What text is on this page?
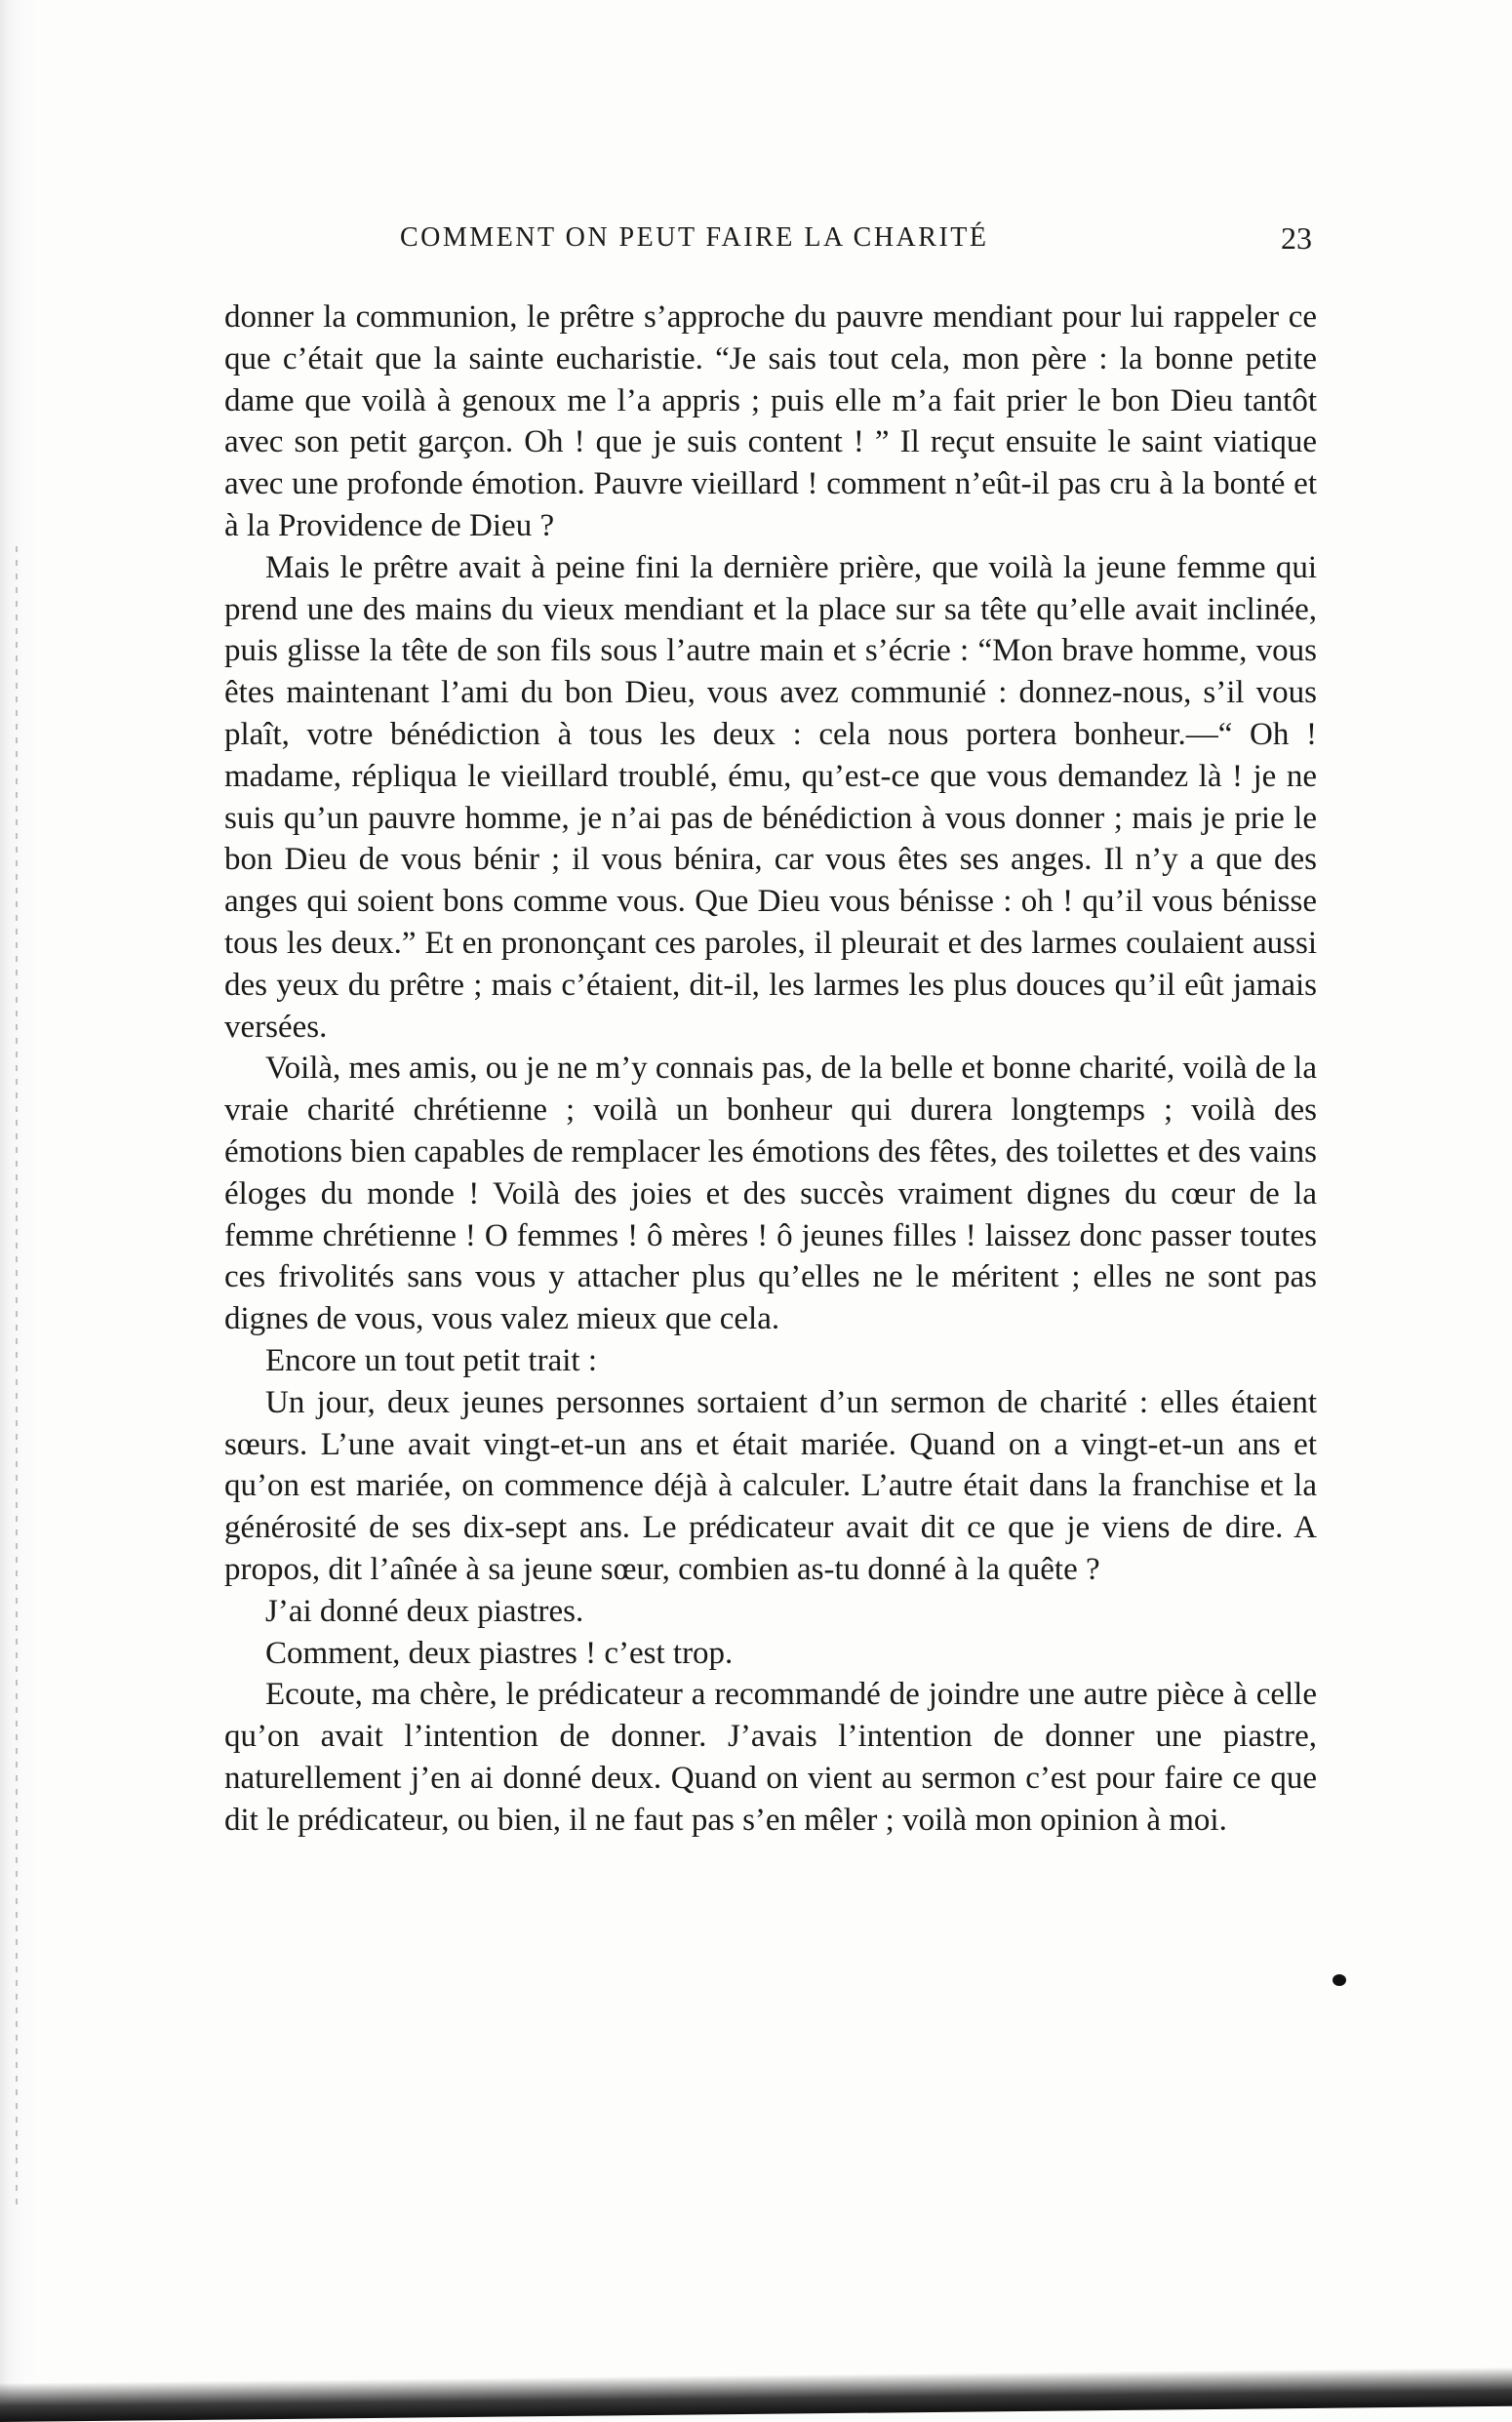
COMMENT ON PEUT FAIRE LA CHARITÉ	23

donner la communion, le prêtre s’approche du pauvre mendiant pour lui rappeler ce que c’était que la sainte eucharistie. “Je sais tout cela, mon père : la bonne petite dame que voilà à genoux me l’a appris ; puis elle m’a fait prier le bon Dieu tantôt avec son petit garçon. Oh ! que je suis content ! ” Il reçut ensuite le saint viatique avec une profonde émotion. Pauvre vieillard ! comment n’eût-il pas cru à la bonté et à la Providence de Dieu ?

Mais le prêtre avait à peine fini la dernière prière, que voilà la jeune femme qui prend une des mains du vieux mendiant et la place sur sa tête qu’elle avait inclinée, puis glisse la tête de son fils sous l’autre main et s’écrie : “Mon brave homme, vous êtes maintenant l’ami du bon Dieu, vous avez communié : donnez-nous, s’il vous plaît, votre bénédiction à tous les deux : cela nous portera bonheur.—“ Oh ! madame, répliqua le vieillard troublé, ému, qu’est-ce que vous demandez là ! je ne suis qu’un pauvre homme, je n’ai pas de bénédiction à vous donner ; mais je prie le bon Dieu de vous bénir ; il vous bénira, car vous êtes ses anges. Il n’y a que des anges qui soient bons comme vous. Que Dieu vous bénisse : oh ! qu’il vous bénisse tous les deux.” Et en prononçant ces paroles, il pleurait et des larmes coulaient aussi des yeux du prêtre ; mais c’étaient, dit-il, les larmes les plus douces qu’il eût jamais versées.

Voilà, mes amis, ou je ne m’y connais pas, de la belle et bonne charité, voilà de la vraie charité chrétienne ; voilà un bonheur qui durera longtemps ; voilà des émotions bien capables de remplacer les émotions des fêtes, des toilettes et des vains éloges du monde ! Voilà des joies et des succès vraiment dignes du cœur de la femme chrétienne ! O femmes ! ô mères ! ô jeunes filles ! laissez donc passer toutes ces frivolités sans vous y attacher plus qu’elles ne le méritent ; elles ne sont pas dignes de vous, vous valez mieux que cela.

Encore un tout petit trait :

Un jour, deux jeunes personnes sortaient d’un sermon de charité : elles étaient sœurs. L’une avait vingt-et-un ans et était mariée. Quand on a vingt-et-un ans et qu’on est mariée, on commence déjà à calculer. L’autre était dans la franchise et la générosité de ses dix-sept ans. Le prédicateur avait dit ce que je viens de dire. A propos, dit l’aînée à sa jeune sœur, combien as-tu donné à la quête ?

J’ai donné deux piastres.

Comment, deux piastres ! c’est trop.

Ecoute, ma chère, le prédicateur a recommandé de joindre une autre pièce à celle qu’on avait l’intention de donner. J’avais l’intention de donner une piastre, naturellement j’en ai donné deux. Quand on vient au sermon c’est pour faire ce que dit le prédicateur, ou bien, il ne faut pas s’en mêler ; voilà mon opinion à moi.
